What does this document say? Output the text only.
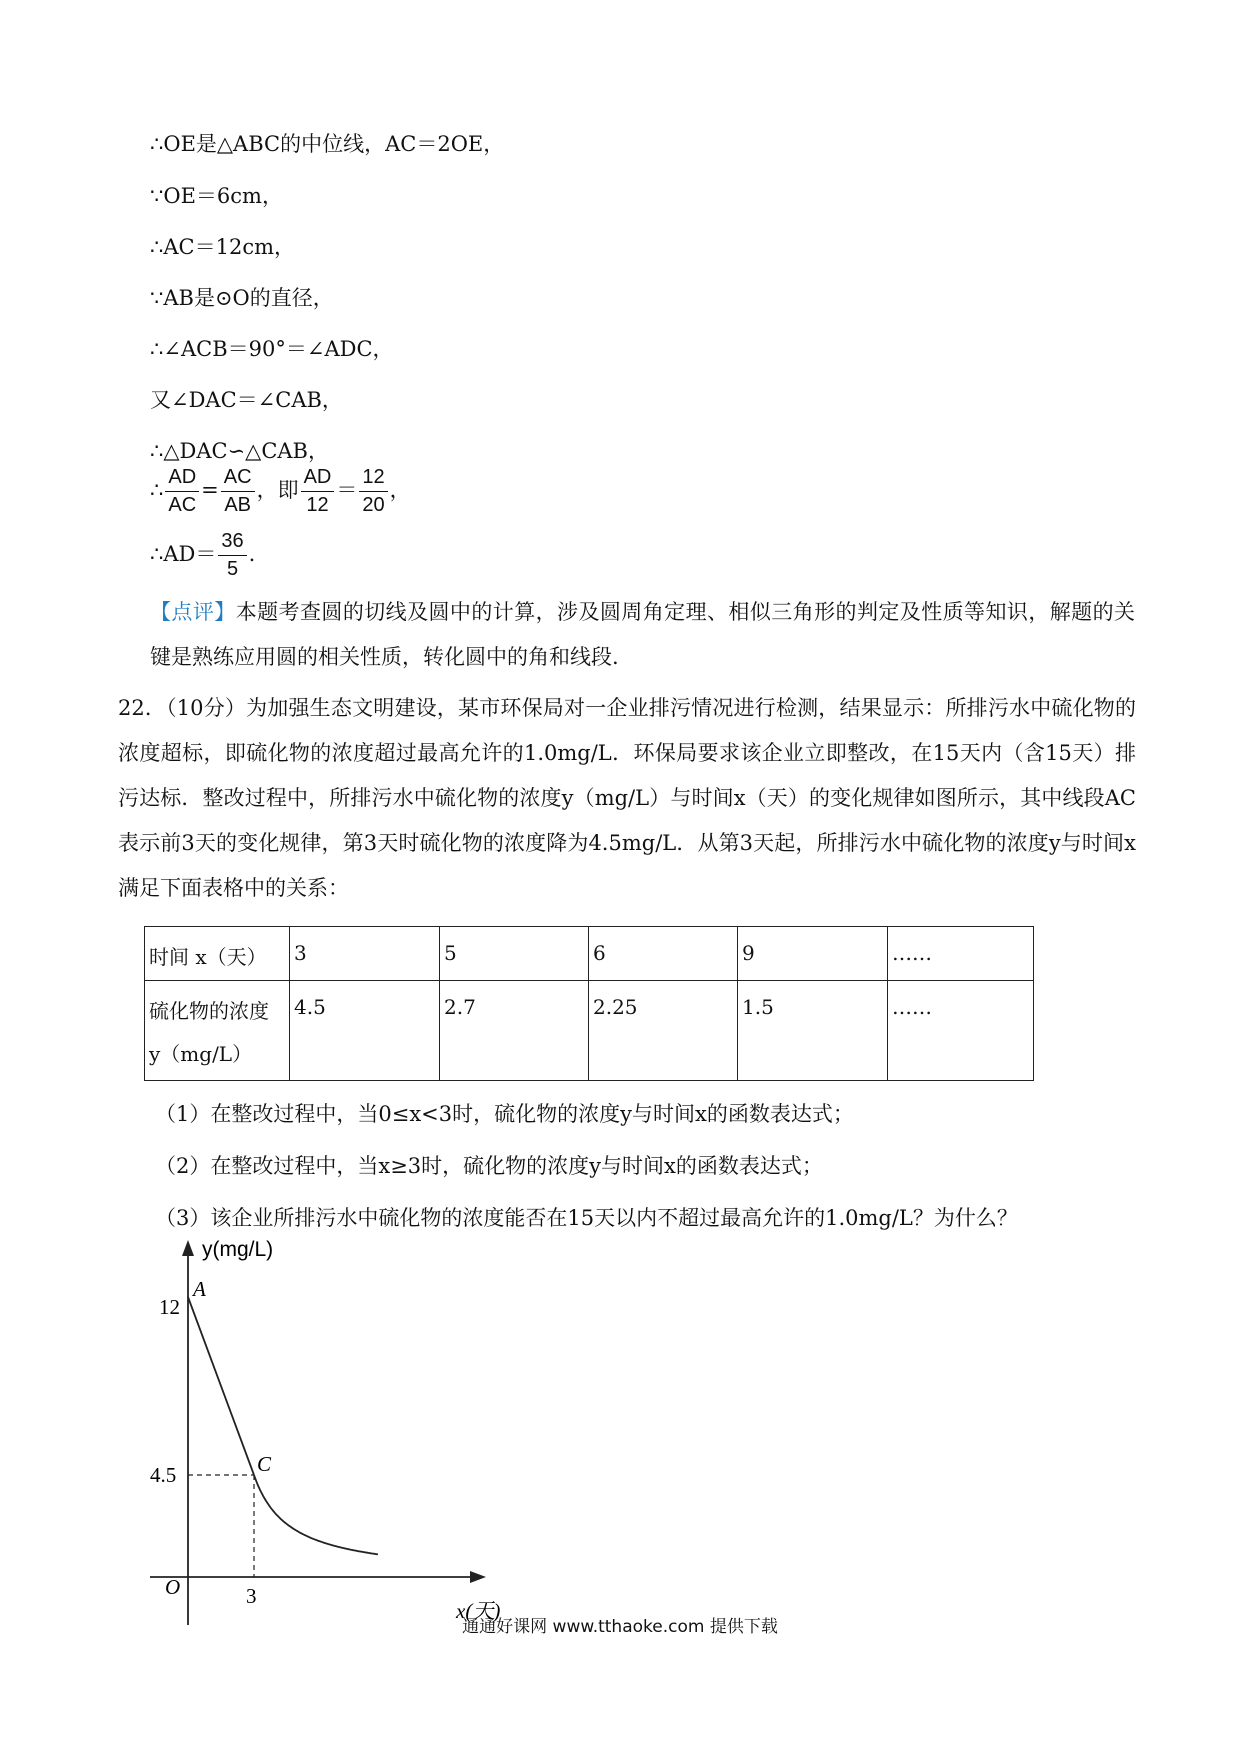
∴OE是△ABC的中位线，AC＝2OE，
∵OE＝6cm，
∴AC＝12cm，
∵AB是⊙O的直径，
∴∠ACB＝90°＝∠ADC，
又∠DAC＝∠CAB，
∴△DAC∽△CAB，
∴ $\frac{AD}{AC} = \frac{AC}{AB}$ ，即 $\frac{AD}{12} = \frac{12}{20}$ ，
∴AD＝ $\frac{36}{5}$ .
【点评】本题考查圆的切线及圆中的计算，涉及圆周角定理、相似三角形的判定及性质等知识，解题的关键是熟练应用圆的相关性质，转化圆中的角和线段.
22．（10分）为加强生态文明建设，某市环保局对一企业排污情况进行检测，结果显示：所排污水中硫化物的浓度超标，即硫化物的浓度超过最高允许的1.0mg/L．环保局要求该企业立即整改，在15天内（含15天）排污达标．整改过程中，所排污水中硫化物的浓度y（mg/L）与时间x（天）的变化规律如图所示，其中线段AC表示前3天的变化规律，第3天时硫化物的浓度降为4.5mg/L．从第3天起，所排污水中硫化物的浓度y与时间x满足下面表格中的关系：
时间 x（天）	3	5	6	9	……

硫化物的浓度
y（mg/L）	4.5	2.7	2.25	1.5	……
（1）在整改过程中，当0≤x<3时，硫化物的浓度y与时间x的函数表达式；
（2）在整改过程中，当x≥3时，硫化物的浓度y与时间x的函数表达式；
（3）该企业所排污水中硫化物的浓度能否在15天以内不超过最高允许的1.0mg/L？为什么？
y(mg/L)
x(天)
O
A
C
12
4.5
3
通通好课网 www.tthaoke.com 提供下载
